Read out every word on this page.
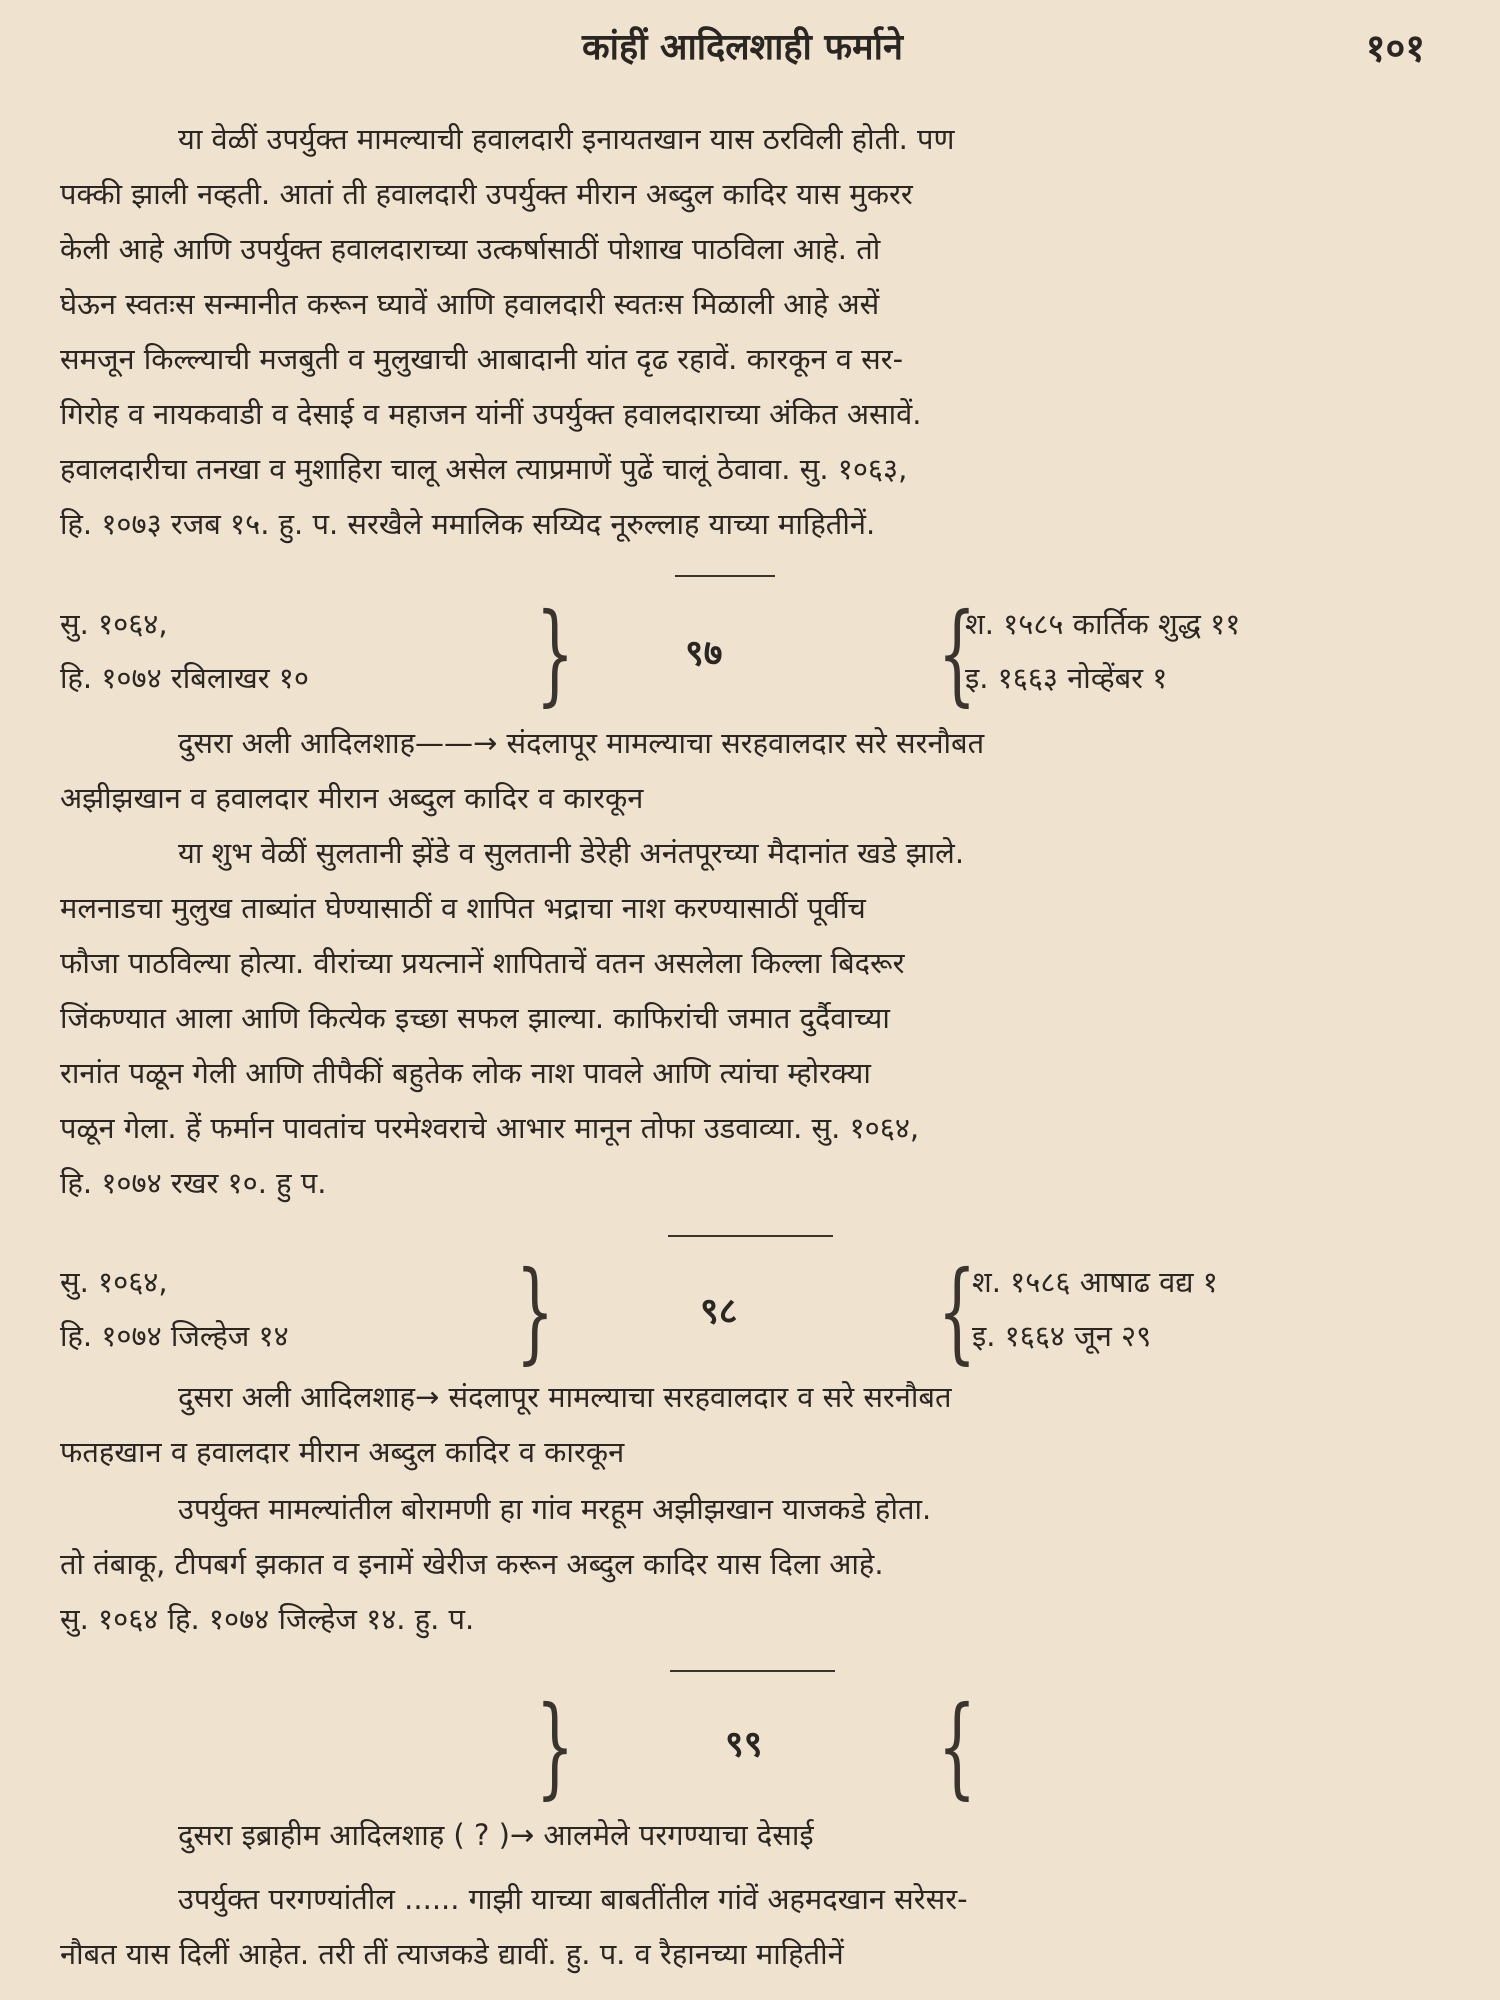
कांहीं आदिलशाही फर्माने	१०१
या वेळीं उपर्युक्त मामल्याची हवालदारी इनायतखान यास ठरविली होती. पण
पक्की झाली नव्हती. आतां ती हवालदारी उपर्युक्त मीरान अब्दुल कादिर यास मुकरर
केली आहे आणि उपर्युक्त हवालदाराच्या उत्कर्षासाठीं पोशाख पाठविला आहे. तो
घेऊन स्वतःस सन्मानीत करून घ्यावें आणि हवालदारी स्वतःस मिळाली आहे असें
समजून किल्ल्याची मजबुती व मुलुखाची आबादानी यांत दृढ रहावें. कारकून व सर-
गिरोह व नायकवाडी व देसाई व महाजन यांनीं उपर्युक्त हवालदाराच्या अंकित असावें.
हवालदारीचा तनखा व मुशाहिरा चालू असेल त्याप्रमाणें पुढें चालूं ठेवावा. सु. १०६३,
हि. १०७३ रजब १५. हु. प. सरखैले ममालिक सय्यिद नूरुल्लाह याच्या माहितीनें.
सु. १०६४,
हि. १०७४ रबिलाखर १० }	९७ {
श. १५८५ कार्तिक शुद्ध ११
इ. १६६३ नोव्हेंबर १
दुसरा अली आदिलशाह——→ संदलापूर मामल्याचा सरहवालदार सरे सरनौबत
अझीझखान व हवालदार मीरान अब्दुल कादिर व कारकून
या शुभ वेळीं सुलतानी झेंडे व सुलतानी डेरेही अनंतपूरच्या मैदानांत खडे झाले.
मलनाडचा मुलुख ताब्यांत घेण्यासाठीं व शापित भद्राचा नाश करण्यासाठीं पूर्वीच
फौजा पाठविल्या होत्या. वीरांच्या प्रयत्नानें शापिताचें वतन असलेला किल्ला बिदरूर
जिंकण्यात आला आणि कित्येक इच्छा सफल झाल्या. काफिरांची जमात दुर्दैवाच्या
रानांत पळून गेली आणि तीपैकीं बहुतेक लोक नाश पावले आणि त्यांचा म्होरक्या
पळून गेला. हें फर्मान पावतांच परमेश्वराचे आभार मानून तोफा उडवाव्या. सु. १०६४,
हि. १०७४ रखर १०. हु प.
सु. १०६४,
हि. १०७४ जिल्हेज १४ }	९८ {
श. १५८६ आषाढ वद्य १
इ. १६६४ जून २९
दुसरा अली आदिलशाह→ संदलापूर मामल्याचा सरहवालदार व सरे सरनौबत
फतहखान व हवालदार मीरान अब्दुल कादिर व कारकून
उपर्युक्त मामल्यांतील बोरामणी हा गांव मरहूम अझीझखान याजकडे होता.
तो तंबाकू, टीपबर्ग झकात व इनामें खेरीज करून अब्दुल कादिर यास दिला आहे.
सु. १०६४ हि. १०७४ जिल्हेज १४. हु. प.
}	९९ {
दुसरा इब्राहीम आदिलशाह ( ? )→ आलमेले परगण्याचा देसाई
उपर्युक्त परगण्यांतील ...... गाझी याच्या बाबतींतील गांवें अहमदखान सरेसर-
नौबत यास दिलीं आहेत. तरी तीं त्याजकडे द्यावीं. हु. प. व रैहानच्या माहितीनें
